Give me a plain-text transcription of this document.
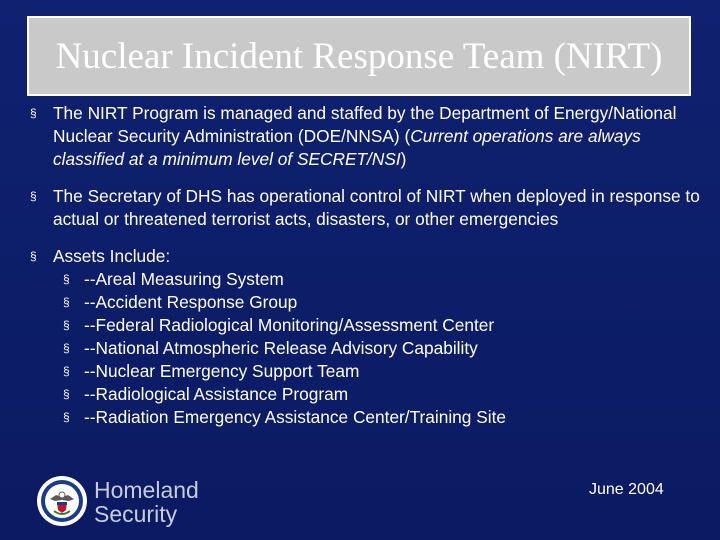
Nuclear Incident Response Team (NIRT)
§ The NIRT Program is managed and staffed by the Department of Energy/National Nuclear Security Administration (DOE/NNSA) (Current operations are always classified at a minimum level of SECRET/NSI)
§ The Secretary of DHS has operational control of NIRT when deployed in response to actual or threatened terrorist acts, disasters, or other emergencies
§ Assets Include:
§ --Areal Measuring System
§ --Accident Response Group
§ --Federal Radiological Monitoring/Assessment Center
§ --National Atmospheric Release Advisory Capability
§ --Nuclear Emergency Support Team
§ --Radiological Assistance Program
§ --Radiation Emergency Assistance Center/Training Site
Homeland
Security
June 2004
